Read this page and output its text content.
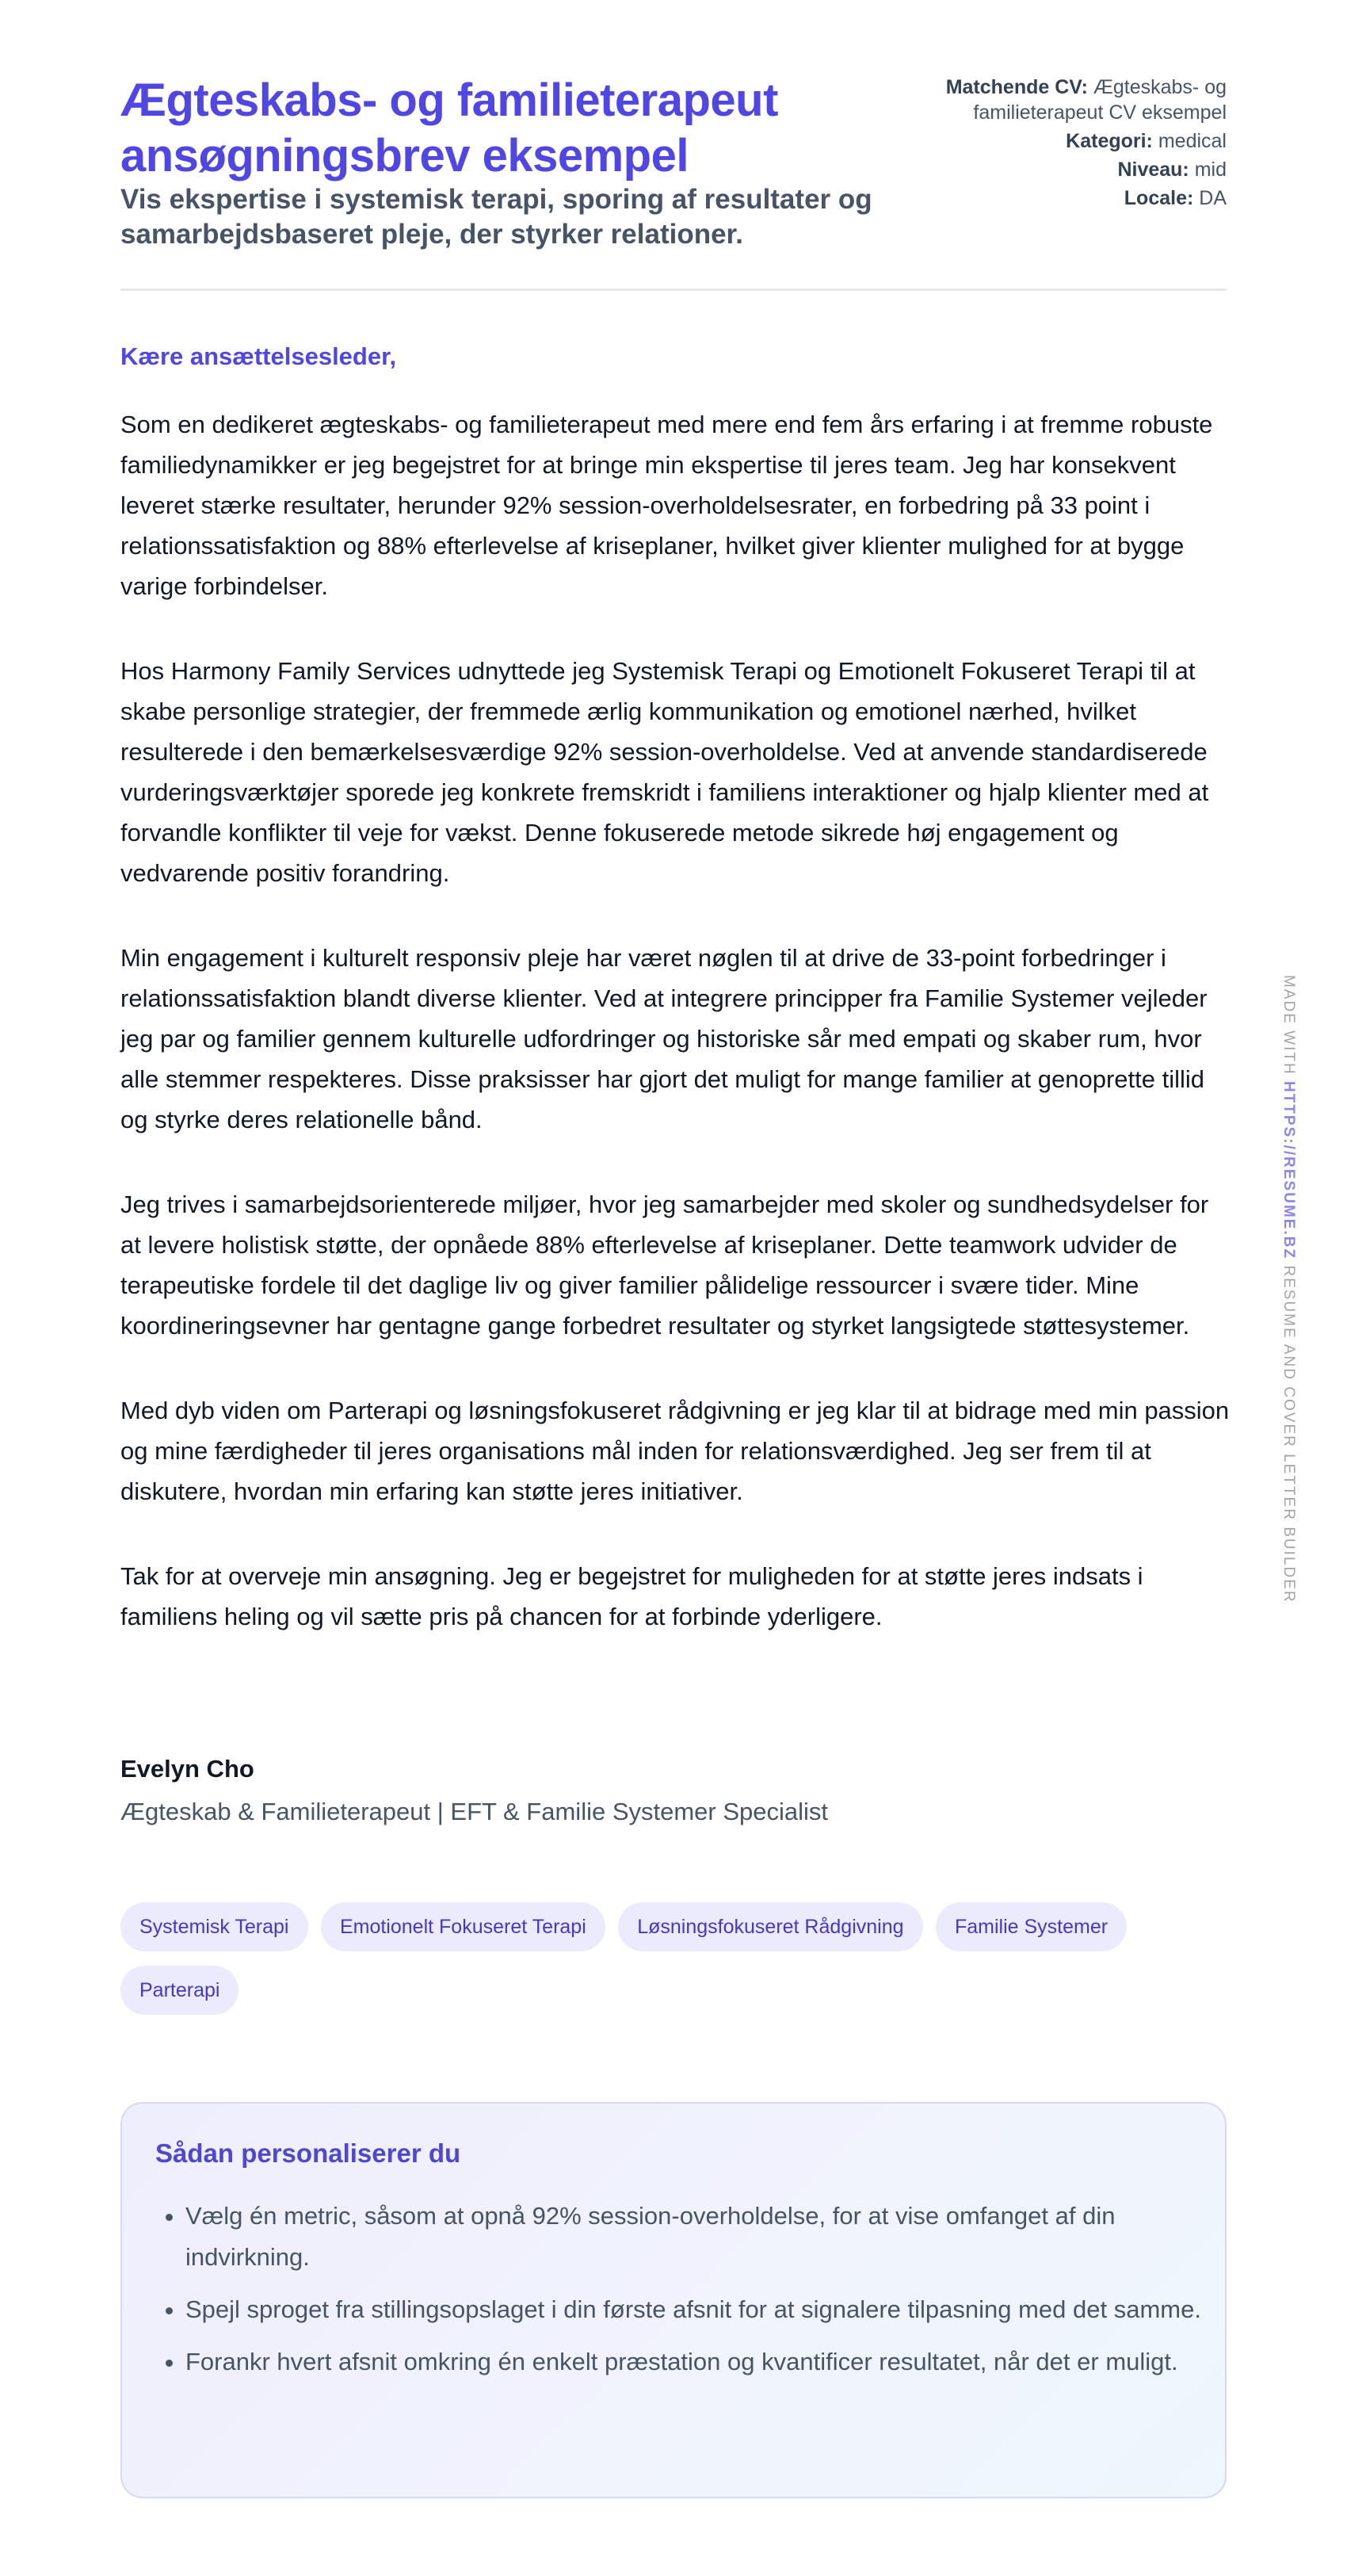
Ægteskabs- og familieterapeut ansøgningsbrev eksempel
Vis ekspertise i systemisk terapi, sporing af resultater og samarbejdsbaseret pleje, der styrker relationer.
Matchende CV: Ægteskabs- og familieterapeut CV eksempel
Kategori: medical
Niveau: mid
Locale: DA
Kære ansættelsesleder,

Som en dedikeret ægteskabs- og familieterapeut med mere end fem års erfaring i at fremme robuste familiedynamikker er jeg begejstret for at bringe min ekspertise til jeres team. Jeg har konsekvent leveret stærke resultater, herunder 92% session-overholdelsesrater, en forbedring på 33 point i relationssatisfaktion og 88% efterlevelse af kriseplaner, hvilket giver klienter mulighed for at bygge varige forbindelser.

Hos Harmony Family Services udnyttede jeg Systemisk Terapi og Emotionelt Fokuseret Terapi til at skabe personlige strategier, der fremmede ærlig kommunikation og emotionel nærhed, hvilket resulterede i den bemærkelsesværdige 92% session-overholdelse. Ved at anvende standardiserede vurderingsværktøjer sporede jeg konkrete fremskridt i familiens interaktioner og hjalp klienter med at forvandle konflikter til veje for vækst. Denne fokuserede metode sikrede høj engagement og vedvarende positiv forandring.

Min engagement i kulturelt responsiv pleje har været nøglen til at drive de 33-point forbedringer i relationssatisfaktion blandt diverse klienter. Ved at integrere principper fra Familie Systemer vejleder jeg par og familier gennem kulturelle udfordringer og historiske sår med empati og skaber rum, hvor alle stemmer respekteres. Disse praksisser har gjort det muligt for mange familier at genoprette tillid og styrke deres relationelle bånd.

Jeg trives i samarbejdsorienterede miljøer, hvor jeg samarbejder med skoler og sundhedsydelser for at levere holistisk støtte, der opnåede 88% efterlevelse af kriseplaner. Dette teamwork udvider de terapeutiske fordele til det daglige liv og giver familier pålidelige ressourcer i svære tider. Mine koordineringsevner har gentagne gange forbedret resultater og styrket langsigtede støttesystemer.

Med dyb viden om Parterapi og løsningsfokuseret rådgivning er jeg klar til at bidrage med min passion og mine færdigheder til jeres organisations mål inden for relationsværdighed. Jeg ser frem til at diskutere, hvordan min erfaring kan støtte jeres initiativer.

Tak for at overveje min ansøgning. Jeg er begejstret for muligheden for at støtte jeres indsats i familiens heling og vil sætte pris på chancen for at forbinde yderligere.

Evelyn Cho
Ægteskab & Familieterapeut | EFT & Familie Systemer Specialist
Systemisk Terapi	Emotionelt Fokuseret Terapi	Løsningsfokuseret Rådgivning	Familie Systemer Parterapi
Sådan personaliserer du
• Vælg én metric, såsom at opnå 92% session-overholdelse, for at vise omfanget af din indvirkning.
• Spejl sproget fra stillingsopslaget i din første afsnit for at signalere tilpasning med det samme.
• Forankr hvert afsnit omkring én enkelt præstation og kvantificer resultatet, når det er muligt.
MADE WITH HTTPS://RESUME.BZ RESUME AND COVER LETTER BUILDER
